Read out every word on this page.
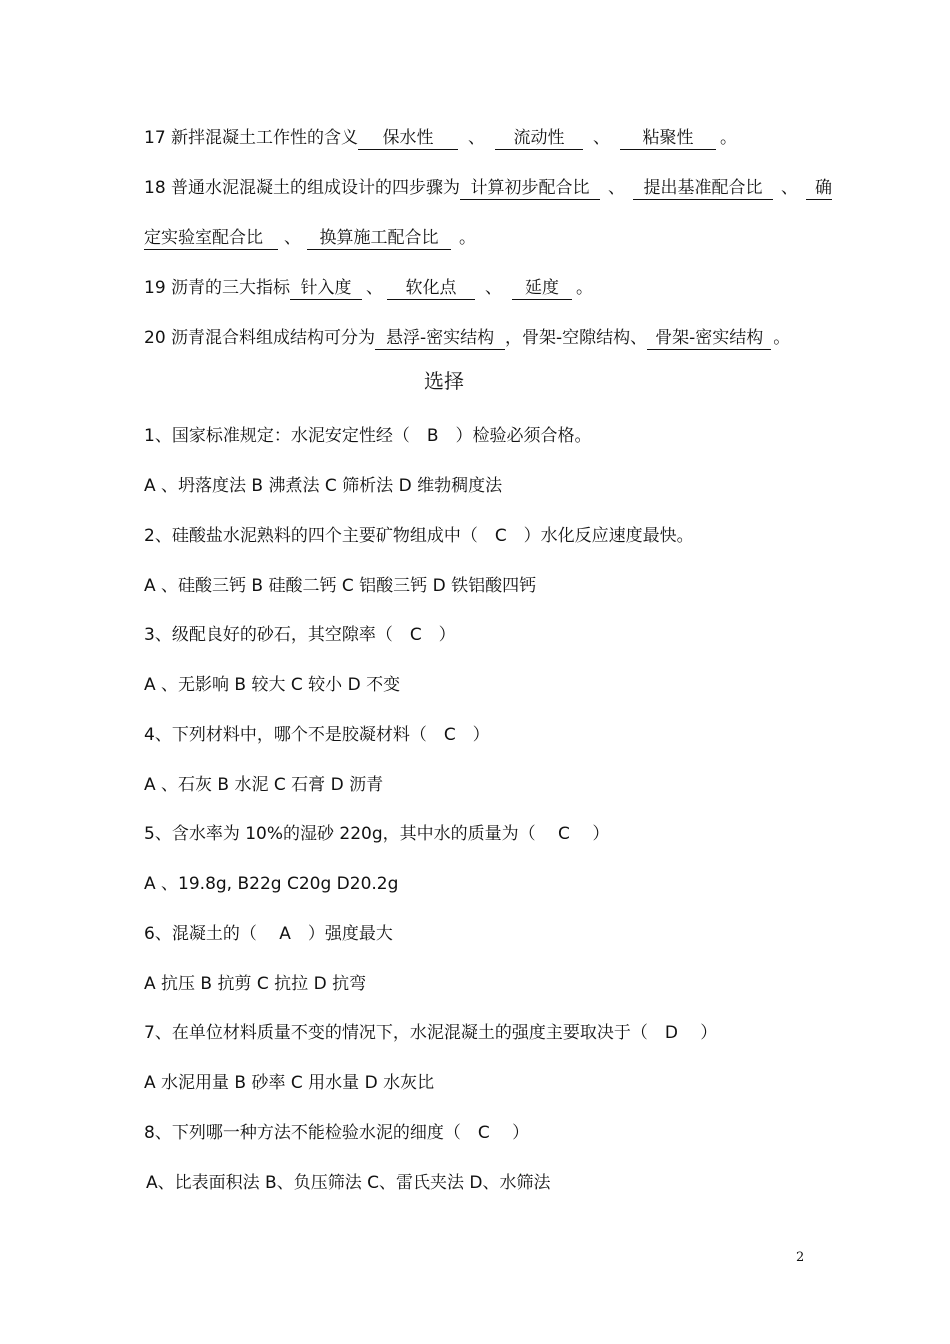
17 新拌混凝土工作性的含义 保水性 、 流动性 、 粘聚性 。
18 普通水泥混凝土的组成设计的四步骤为 计算初步配合比 、 提出基准配合比 、 确
定实验室配合比 、 换算施工配合比 。
19 沥青的三大指标 针入度 、 软化点 、 延度 。
20 沥青混合料组成结构可分为 悬浮-密实结构 ，骨架-空隙结构、 骨架-密实结构 。
选择
1、国家标准规定：水泥安定性经（　B　）检验必须合格。
A 、坍落度法 B 沸煮法 C 筛析法 D 维勃稠度法
2、硅酸盐水泥熟料的四个主要矿物组成中（　C　）水化反应速度最快。
A 、硅酸三钙 B 硅酸二钙 C 铝酸三钙 D 铁铝酸四钙
3、级配良好的砂石，其空隙率（　C　）
A 、无影响 B 较大 C 较小 D 不变
4、下列材料中，哪个不是胶凝材料（　C　）
A 、石灰 B 水泥 C 石膏 D 沥青
5、含水率为 10%的湿砂 220g，其中水的质量为（　 C　 ）
A 、19.8g, B22g C20g D20.2g
6、混凝土的（　 A　）强度最大
A 抗压 B 抗剪 C 抗拉 D 抗弯
7、在单位材料质量不变的情况下，水泥混凝土的强度主要取决于（　D　 ）
A 水泥用量 B 砂率 C 用水量 D 水灰比
8、下列哪一种方法不能检验水泥的细度（　C　 ）
A、比表面积法 B、负压筛法 C、雷氏夹法 D、水筛法
2
